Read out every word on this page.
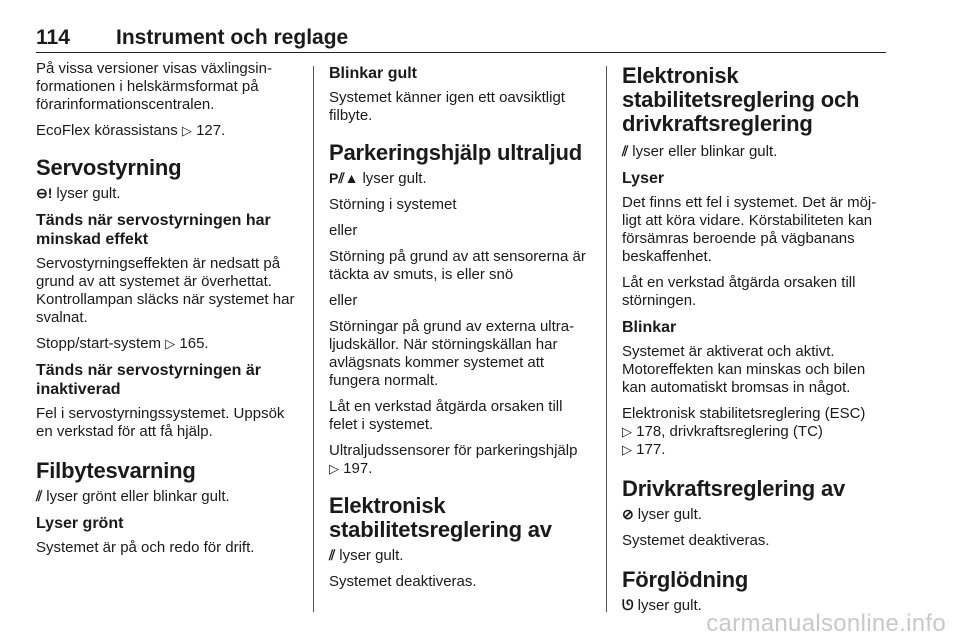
114 Instrument och reglage

På vissa versioner visas växlingsinformationen i helskärmsformat på förarinformationscentralen.

EcoFlex körassistans ▷ 127.

Servostyrning

⊖! lyser gult.

Tänds när servostyrningen har minskad effekt

Servostyrningseffekten är nedsatt på grund av att systemet är överhettat. Kontrollampan släcks när systemet har svalnat.

Stopp/start-system ▷ 165.

Tänds när servostyrningen är inaktiverad

Fel i servostyrningssystemet. Uppsök en verkstad för att få hjälp.

Filbytesvarning

⫽ lyser grönt eller blinkar gult.

Lyser grönt

Systemet är på och redo för drift.

Blinkar gult

Systemet känner igen ett oavsiktligt filbyte.

Parkeringshjälp ultraljud

P⫽▲ lyser gult.

Störning i systemet

eller

Störning på grund av att sensorerna är täckta av smuts, is eller snö

eller

Störningar på grund av externa ultraljudskällor. När störningskällan har avlägsnats kommer systemet att fungera normalt.

Låt en verkstad åtgärda orsaken till felet i systemet.

Ultraljudssensorer för parkeringshjälp ▷ 197.

Elektronisk stabilitetsreglering av

⫽ lyser gult.

Systemet deaktiveras.

Elektronisk stabilitetsreglering och drivkraftsreglering

⫽ lyser eller blinkar gult.

Lyser

Det finns ett fel i systemet. Det är möjligt att köra vidare. Körstabiliteten kan försämras beroende på vägbanans beskaffenhet.

Låt en verkstad åtgärda orsaken till störningen.

Blinkar

Systemet är aktiverat och aktivt. Motoreffekten kan minskas och bilen kan automatiskt bromsas in något.

Elektronisk stabilitetsreglering (ESC)
▷ 178, drivkraftsreglering (TC)
▷ 177.

Drivkraftsreglering av

⊘ lyser gult.

Systemet deaktiveras.

Förglödning

ᘎ lyser gult.

carmanualsonline.info
